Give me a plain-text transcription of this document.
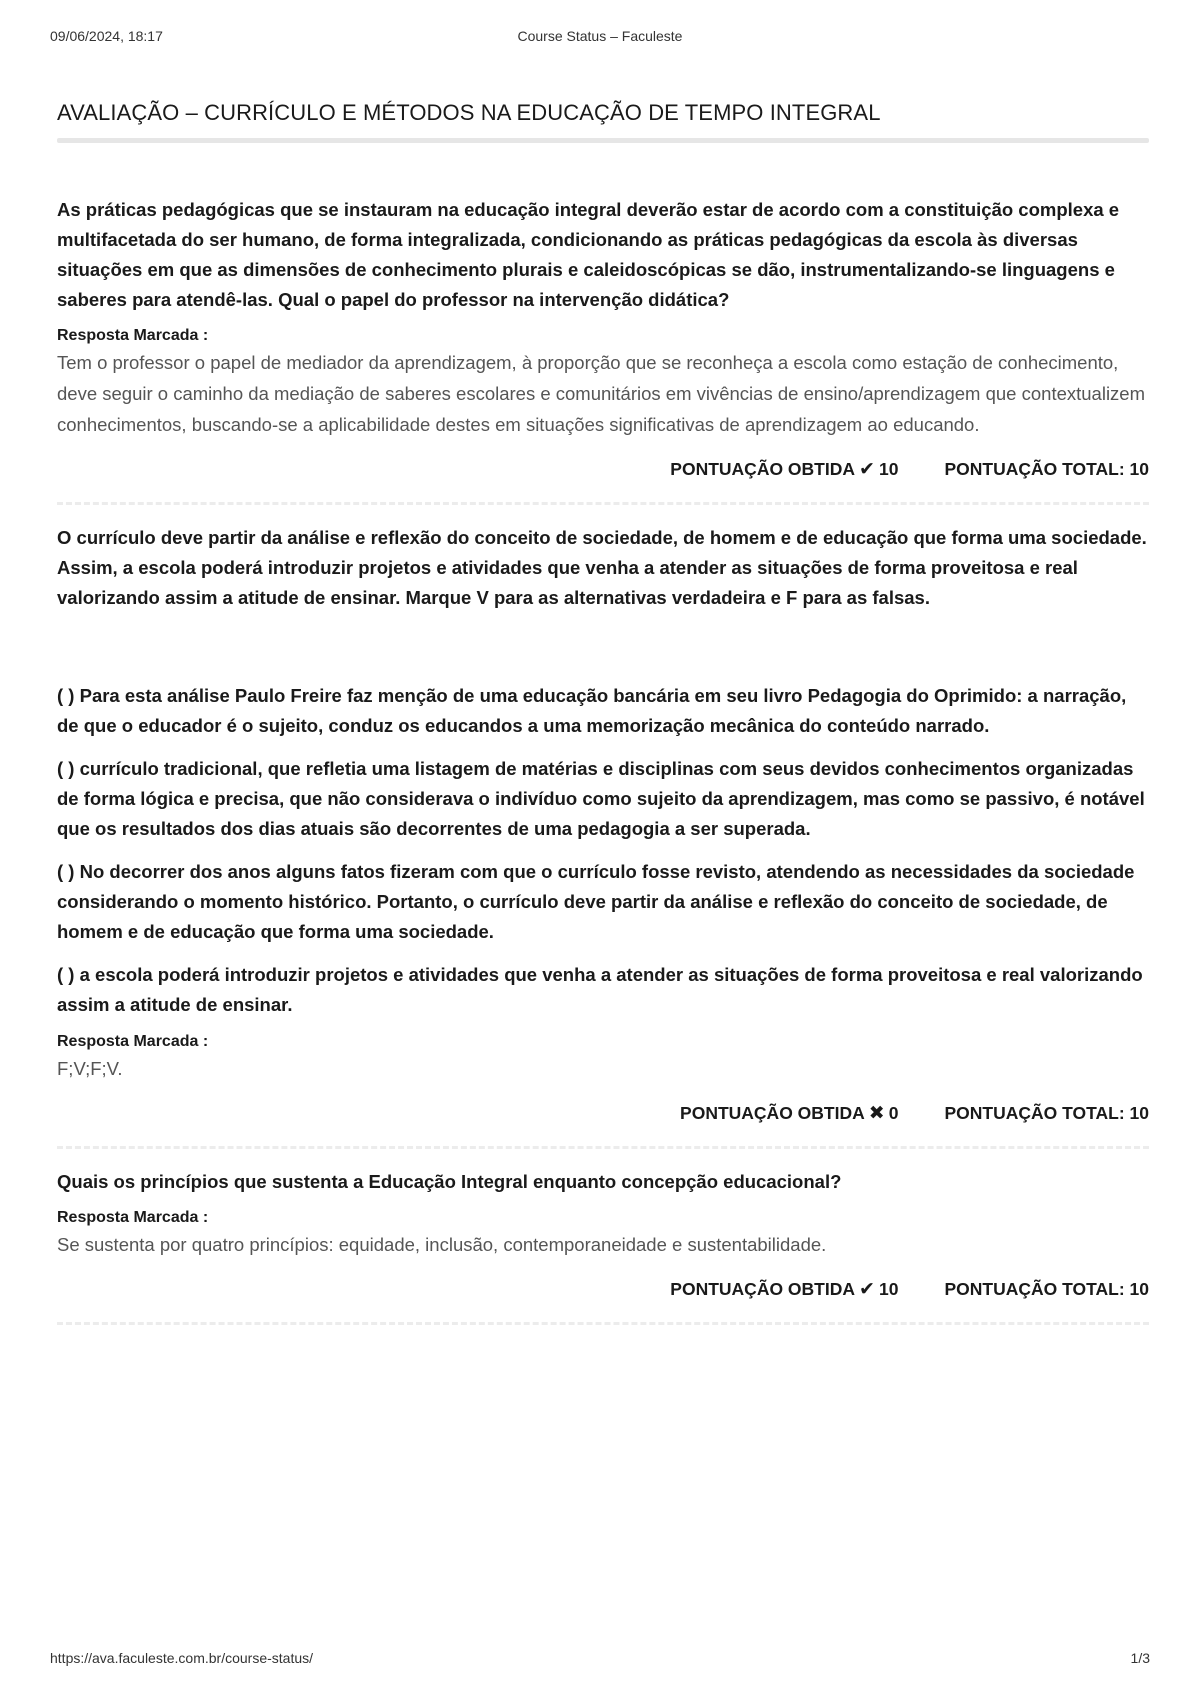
09/06/2024, 18:17	Course Status – Faculeste
AVALIAÇÃO – CURRÍCULO E MÉTODOS NA EDUCAÇÃO DE TEMPO INTEGRAL

As práticas pedagógicas que se instauram na educação integral deverão estar de acordo com a constituição complexa e multifacetada do ser humano, de forma integralizada, condicionando as práticas pedagógicas da escola às diversas situações em que as dimensões de conhecimento plurais e caleidoscópicas se dão, instrumentalizando-se linguagens e saberes para atendê-las. Qual o papel do professor na intervenção didática?

Resposta Marcada :

Tem o professor o papel de mediador da aprendizagem, à proporção que se reconheça a escola como estação de conhecimento, deve seguir o caminho da mediação de saberes escolares e comunitários em vivências de ensino/aprendizagem que contextualizem conhecimentos, buscando-se a aplicabilidade destes em situações significativas de aprendizagem ao educando.

PONTUAÇÃO OBTIDA ✔ 10	PONTUAÇÃO TOTAL: 10

O currículo deve partir da análise e reflexão do conceito de sociedade, de homem e de educação que forma uma sociedade. Assim, a escola poderá introduzir projetos e atividades que venha a atender as situações de forma proveitosa e real valorizando assim a atitude de ensinar. Marque V para as alternativas verdadeira e F para as falsas.

( ) Para esta análise Paulo Freire faz menção de uma educação bancária em seu livro Pedagogia do Oprimido: a narração, de que o educador é o sujeito, conduz os educandos a uma memorização mecânica do conteúdo narrado.

( ) currículo tradicional, que refletia uma listagem de matérias e disciplinas com seus devidos conhecimentos organizadas de forma lógica e precisa, que não considerava o indivíduo como sujeito da aprendizagem, mas como se passivo, é notável que os resultados dos dias atuais são decorrentes de uma pedagogia a ser superada.

( ) No decorrer dos anos alguns fatos fizeram com que o currículo fosse revisto, atendendo as necessidades da sociedade considerando o momento histórico. Portanto, o currículo deve partir da análise e reflexão do conceito de sociedade, de homem e de educação que forma uma sociedade.

( ) a escola poderá introduzir projetos e atividades que venha a atender as situações de forma proveitosa e real valorizando assim a atitude de ensinar.

Resposta Marcada :

F;V;F;V.

PONTUAÇÃO OBTIDA ✖ 0	PONTUAÇÃO TOTAL: 10

Quais os princípios que sustenta a Educação Integral enquanto concepção educacional?

Resposta Marcada :

Se sustenta por quatro princípios: equidade, inclusão, contemporaneidade e sustentabilidade.

PONTUAÇÃO OBTIDA ✔ 10	PONTUAÇÃO TOTAL: 10
https://ava.faculeste.com.br/course-status/	1/3
